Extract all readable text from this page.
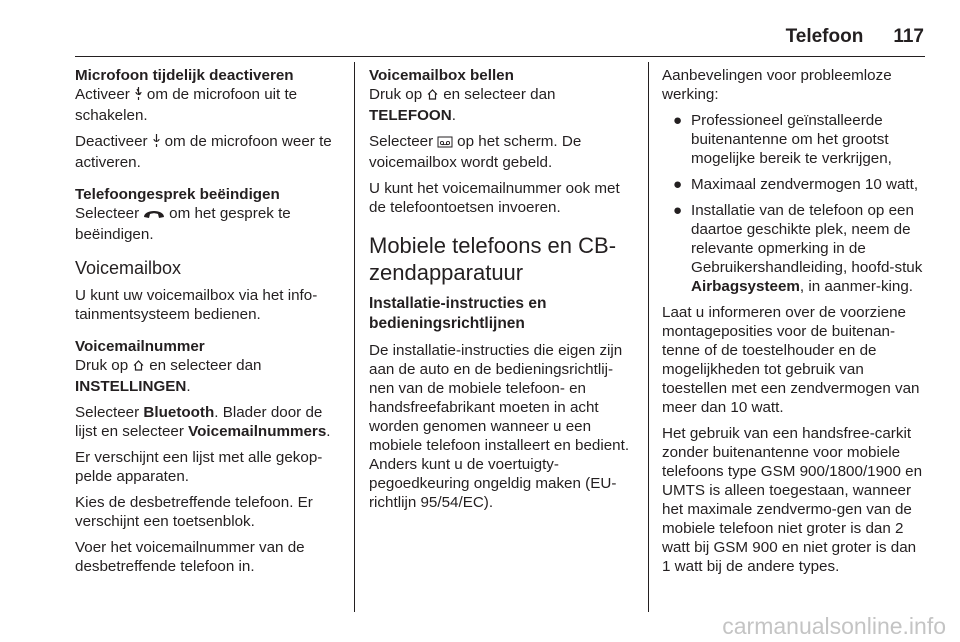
Telefoon 117

Microfoon tijdelijk deactiveren

Activeer om de microfoon uit te schakelen.

Deactiveer om de microfoon weer te activeren.

Telefoongesprek beëindigen

Selecteer om het gesprek te beëindigen.

Voicemailbox

U kunt uw voicemailbox via het info-tainmentsysteem bedienen.

Voicemailnummer

Druk op en selecteer dan INSTELLINGEN.

Selecteer Bluetooth. Blader door de lijst en selecteer Voicemailnummers.

Er verschijnt een lijst met alle gekop-pelde apparaten.

Kies de desbetreffende telefoon. Er verschijnt een toetsenblok.

Voer het voicemailnummer van de desbetreffende telefoon in.

Voicemailbox bellen

Druk op en selecteer dan TELEFOON.

Selecteer op het scherm. De voicemailbox wordt gebeld.

U kunt het voicemailnummer ook met de telefoontoetsen invoeren.

Mobiele telefoons en CB-zendapparatuur
Installatie-instructies en bedieningsrichtlijnen

De installatie-instructies die eigen zijn aan de auto en de bedieningsrichtlij-nen van de mobiele telefoon- en handsfreefabrikant moeten in acht worden genomen wanneer u een mobiele telefoon installeert en bedient. Anders kunt u de voertuigty-pegoedkeuring ongeldig maken (EU-richtlijn 95/54/EC).

Aanbevelingen voor probleemloze werking:

● Professioneel geïnstalleerde buitenantenne om het grootst mogelijke bereik te verkrijgen,
● Maximaal zendvermogen 10 watt,
● Installatie van de telefoon op een daartoe geschikte plek, neem de relevante opmerking in de Gebruikershandleiding, hoofd-stuk Airbagsysteem, in aanmer-king.

Laat u informeren over de voorziene montageposities voor de buitenan-tenne of de toestelhouder en de mogelijkheden tot gebruik van toestellen met een zendvermogen van meer dan 10 watt.

Het gebruik van een handsfree-carkit zonder buitenantenne voor mobiele telefoons type GSM 900/1800/1900 en UMTS is alleen toegestaan, wanneer het maximale zendvermo-gen van de mobiele telefoon niet groter is dan 2 watt bij GSM 900 en niet groter is dan 1 watt bij de andere types.

carmanualsonline.info
